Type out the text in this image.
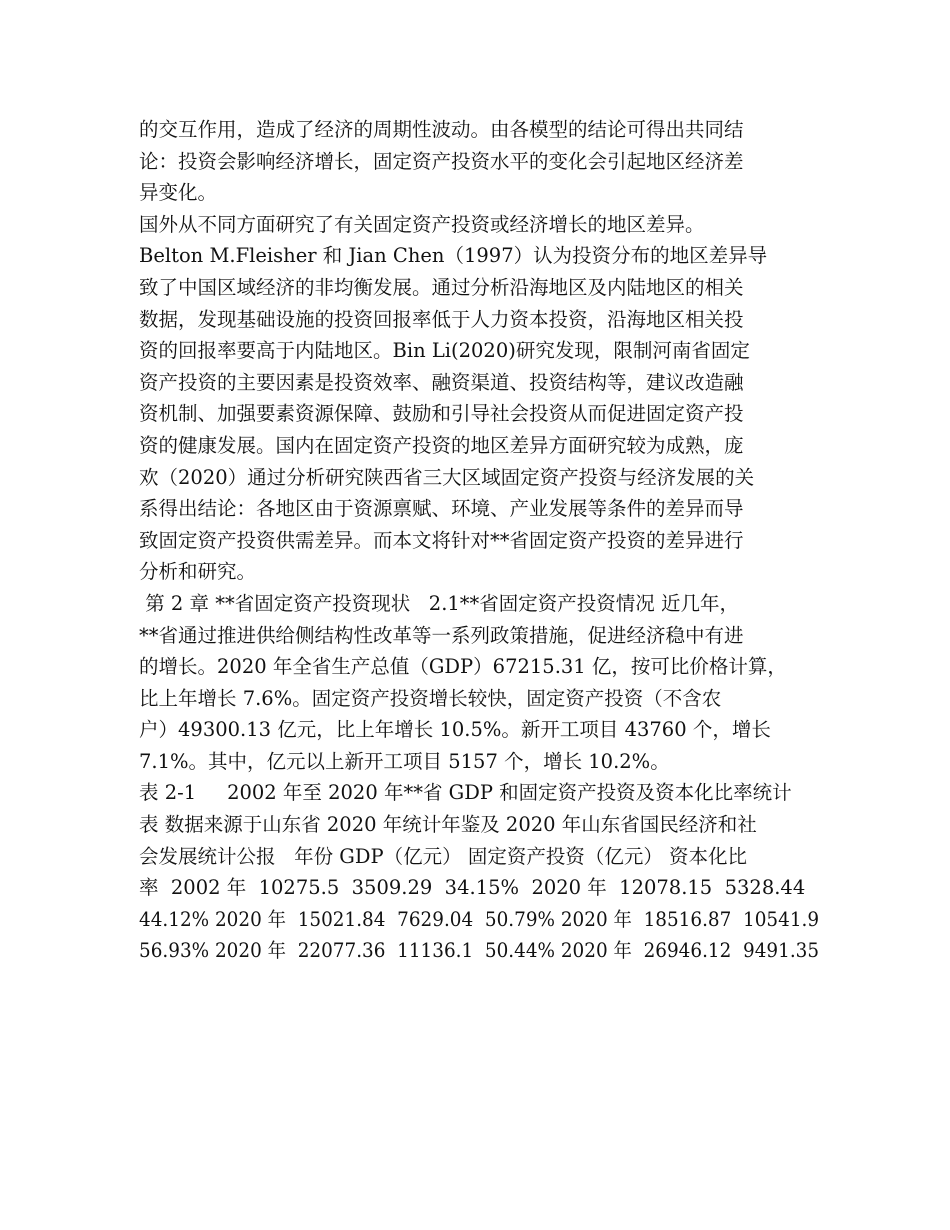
的交互作用，造成了经济的周期性波动。由各模型的结论可得出共同结
论：投资会影响经济增长，固定资产投资水平的变化会引起地区经济差
异变化。
国外从不同方面研究了有关固定资产投资或经济增长的地区差异。
Belton M.Fleisher 和 Jian Chen（1997）认为投资分布的地区差异导
致了中国区域经济的非均衡发展。通过分析沿海地区及内陆地区的相关
数据，发现基础设施的投资回报率低于人力资本投资，沿海地区相关投
资的回报率要高于内陆地区。Bin Li(2020)研究发现，限制河南省固定
资产投资的主要因素是投资效率、融资渠道、投资结构等，建议改造融
资机制、加强要素资源保障、鼓励和引导社会投资从而促进固定资产投
资的健康发展。国内在固定资产投资的地区差异方面研究较为成熟，庞
欢（2020）通过分析研究陕西省三大区域固定资产投资与经济发展的关
系得出结论：各地区由于资源禀赋、环境、产业发展等条件的差异而导
致固定资产投资供需差异。而本文将针对**省固定资产投资的差异进行
分析和研究。
第 2 章 **省固定资产投资现状   2.1**省固定资产投资情况 近几年，
**省通过推进供给侧结构性改革等一系列政策措施，促进经济稳中有进
的增长。2020 年全省生产总值（GDP）67215.31 亿，按可比价格计算，
比上年增长 7.6%。固定资产投资增长较快，固定资产投资（不含农
户）49300.13 亿元，比上年增长 10.5%。新开工项目 43760 个，增长
7.1%。其中，亿元以上新开工项目 5157 个，增长 10.2%。
表 2-1     2002 年至 2020 年**省 GDP 和固定资产投资及资本化比率统计
表 数据来源于山东省 2020 年统计年鉴及 2020 年山东省国民经济和社
会发展统计公报   年份 GDP（亿元） 固定资产投资（亿元） 资本化比
率  2002 年  10275.5  3509.29  34.15%  2020 年  12078.15  5328.44
44.12% 2020 年  15021.84  7629.04  50.79% 2020 年  18516.87  10541.9
56.93% 2020 年  22077.36  11136.1  50.44% 2020 年  26946.12  9491.35
